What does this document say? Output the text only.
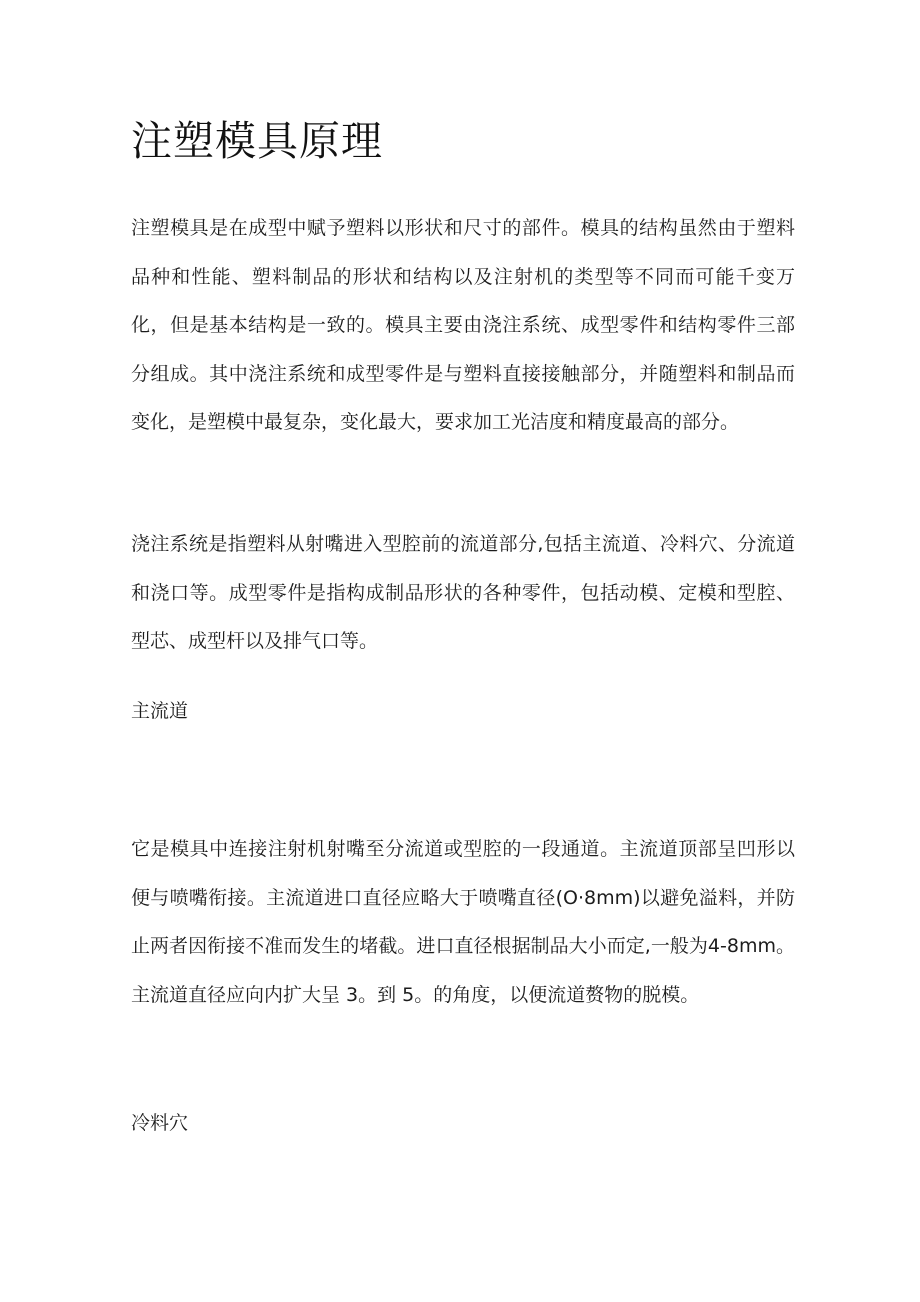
注塑模具原理

注塑模具是在成型中赋予塑料以形状和尺寸的部件。模具的结构虽然由于塑料品种和性能、塑料制品的形状和结构以及注射机的类型等不同而可能千变万化，但是基本结构是一致的。模具主要由浇注系统、成型零件和结构零件三部分组成。其中浇注系统和成型零件是与塑料直接接触部分，并随塑料和制品而变化，是塑模中最复杂，变化最大，要求加工光洁度和精度最高的部分。

浇注系统是指塑料从射嘴进入型腔前的流道部分,包括主流道、冷料穴、分流道和浇口等。成型零件是指构成制品形状的各种零件，包括动模、定模和型腔、型芯、成型杆以及排气口等。

主流道

它是模具中连接注射机射嘴至分流道或型腔的一段通道。主流道顶部呈凹形以便与喷嘴衔接。主流道进口直径应略大于喷嘴直径(O·8mm)以避免溢料，并防止两者因衔接不准而发生的堵截。进口直径根据制品大小而定,一般为4-8mm。主流道直径应向内扩大呈 3。到 5。的角度，以便流道赘物的脱模。

冷料穴
